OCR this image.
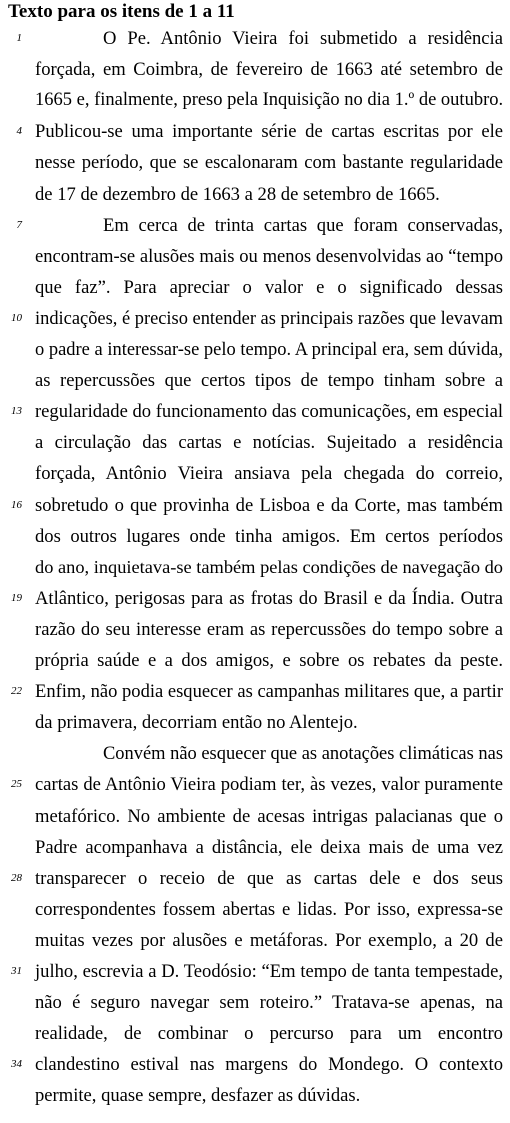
Texto para os itens de 1 a 11
1	O Pe. Antônio Vieira foi submetido a residência
forçada, em Coimbra, de fevereiro de 1663 até setembro de
1665 e, finalmente, preso pela Inquisição no dia 1.º de outubro.
4 Publicou-se uma importante série de cartas escritas por ele
nesse período, que se escalonaram com bastante regularidade
de 17 de dezembro de 1663 a 28 de setembro de 1665.
7	Em cerca de trinta cartas que foram conservadas,
encontram-se alusões mais ou menos desenvolvidas ao “tempo
que faz”. Para apreciar o valor e o significado dessas
10 indicações, é preciso entender as principais razões que levavam
o padre a interessar-se pelo tempo. A principal era, sem dúvida,
as repercussões que certos tipos de tempo tinham sobre a
13 regularidade do funcionamento das comunicações, em especial
a circulação das cartas e notícias. Sujeitado a residência
forçada, Antônio Vieira ansiava pela chegada do correio,
16 sobretudo o que provinha de Lisboa e da Corte, mas também
dos outros lugares onde tinha amigos. Em certos períodos
do ano, inquietava-se também pelas condições de navegação do
19 Atlântico, perigosas para as frotas do Brasil e da Índia. Outra
razão do seu interesse eram as repercussões do tempo sobre a
própria saúde e a dos amigos, e sobre os rebates da peste.
22 Enfim, não podia esquecer as campanhas militares que, a partir
da primavera, decorriam então no Alentejo.
Convém não esquecer que as anotações climáticas nas
25 cartas de Antônio Vieira podiam ter, às vezes, valor puramente
metafórico. No ambiente de acesas intrigas palacianas que o
Padre acompanhava a distância, ele deixa mais de uma vez
28 transparecer o receio de que as cartas dele e dos seus
correspondentes fossem abertas e lidas. Por isso, expressa-se
muitas vezes por alusões e metáforas. Por exemplo, a 20 de
31 julho, escrevia a D. Teodósio: “Em tempo de tanta tempestade,
não é seguro navegar sem roteiro.” Tratava-se apenas, na
realidade, de combinar o percurso para um encontro
34 clandestino estival nas margens do Mondego. O contexto
permite, quase sempre, desfazer as dúvidas.
